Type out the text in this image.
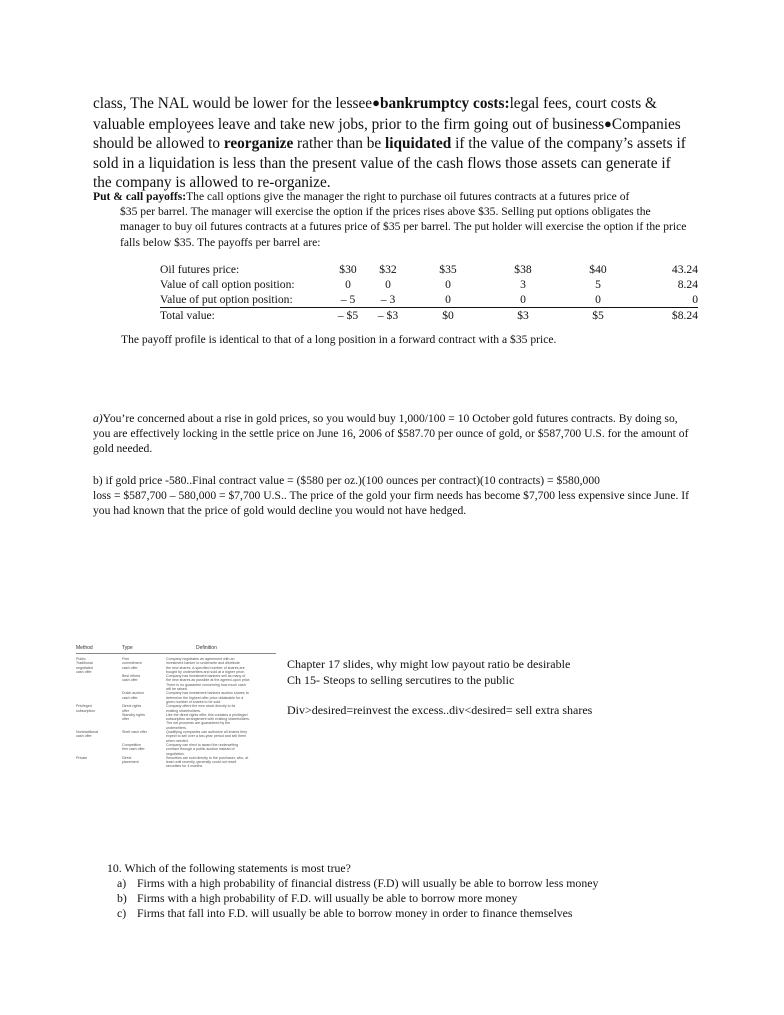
class, The NAL would be lower for the lessee●bankrumptcy costs:legal fees, court costs & valuable employees leave and take new jobs, prior to the firm going out of business●Companies should be allowed to reorganize rather than be liquidated if the value of the company’s assets if sold in a liquidation is less than the present value of the cash flows those assets can generate if the company is allowed to re-organize.
Put & call payoffs:The call options give the manager the right to purchase oil futures contracts at a futures price of
$35 per barrel. The manager will exercise the option if the prices rises above $35. Selling put options obligates the manager to buy oil futures contracts at a futures price of $35 per barrel. The put holder will exercise the option if the price falls below $35. The payoffs per barrel are:
Oil futures price:	$30	$32	$35	$38	$40	43.24
Value of call option position:	0	0	0	3	5	8.24
Value of put option position:	– 5	– 3	0	0	0	0
Total value:	– $5	– $3	$0	$3	$5	$8.24
The payoff profile is identical to that of a long position in a forward contract with a $35 price.
a)You’re concerned about a rise in gold prices, so you would buy 1,000/100 = 10 October gold futures contracts. By doing so, you are effectively locking in the settle price on June 16, 2006 of $587.70 per ounce of gold, or $587,700 U.S. for the amount of gold needed.
b) if gold price -580..Final contract value = ($580 per oz.)(100 ounces per contract)(10 contracts) = $580,000
loss = $587,700 – 580,000 = $7,700 U.S.. The price of the gold your firm needs has become $7,700 less expensive since June. If you had known that the price of gold would decline you would not have hedged.
Method	Type	Definition
Public	Firm	Company negotiates an agreement with an
Traditional	commitment	investment banker to underwrite and distribute
negotiated	cash offer	the new shares. A specified number of shares are
cash offer	bought by underwriters and sold at a higher price.
Best efforts	Company has investment bankers sell as many of
cash offer	the new shares as possible at the agreed-upon price.
There is no guarantee concerning how much cash
will be raised.
Dutch auction	Company has investment bankers auction shares to
cash offer	determine the highest offer price obtainable for a
given number of shares to be sold.
Privileged	Direct rights	Company offers the new stock directly to its
subscription	offer	existing shareholders.
Standby rights	Like the direct rights offer, this contains a privileged
offer	subscription arrangement with existing shareholders.
The net proceeds are guaranteed by the
underwriters.
Nontraditional	Shelf cash offer	Qualifying companies can authorize all shares they
cash offer	expect to sell over a two-year period and sell them
when needed.
Competitive	Company can elect to award the underwriting
firm cash offer	contract through a public auction instead of
negotiation.
Private	Direct	Securities are sold directly to the purchaser, who, at
placement	least until recently, generally could not resell
securities for 4 months.
Chapter 17 slides, why might low payout ratio be desirable
Ch 15- Steops to selling sercutires to the public
Div>desired=reinvest the excess..div<desired= sell extra shares
10. Which of the following statements is most true?
a) Firms with a high probability of financial distress (F.D) will usually be able to borrow less money
b) Firms with a high probability of F.D. will usually be able to borrow more money
c) Firms that fall into F.D. will usually be able to borrow money in order to finance themselves
